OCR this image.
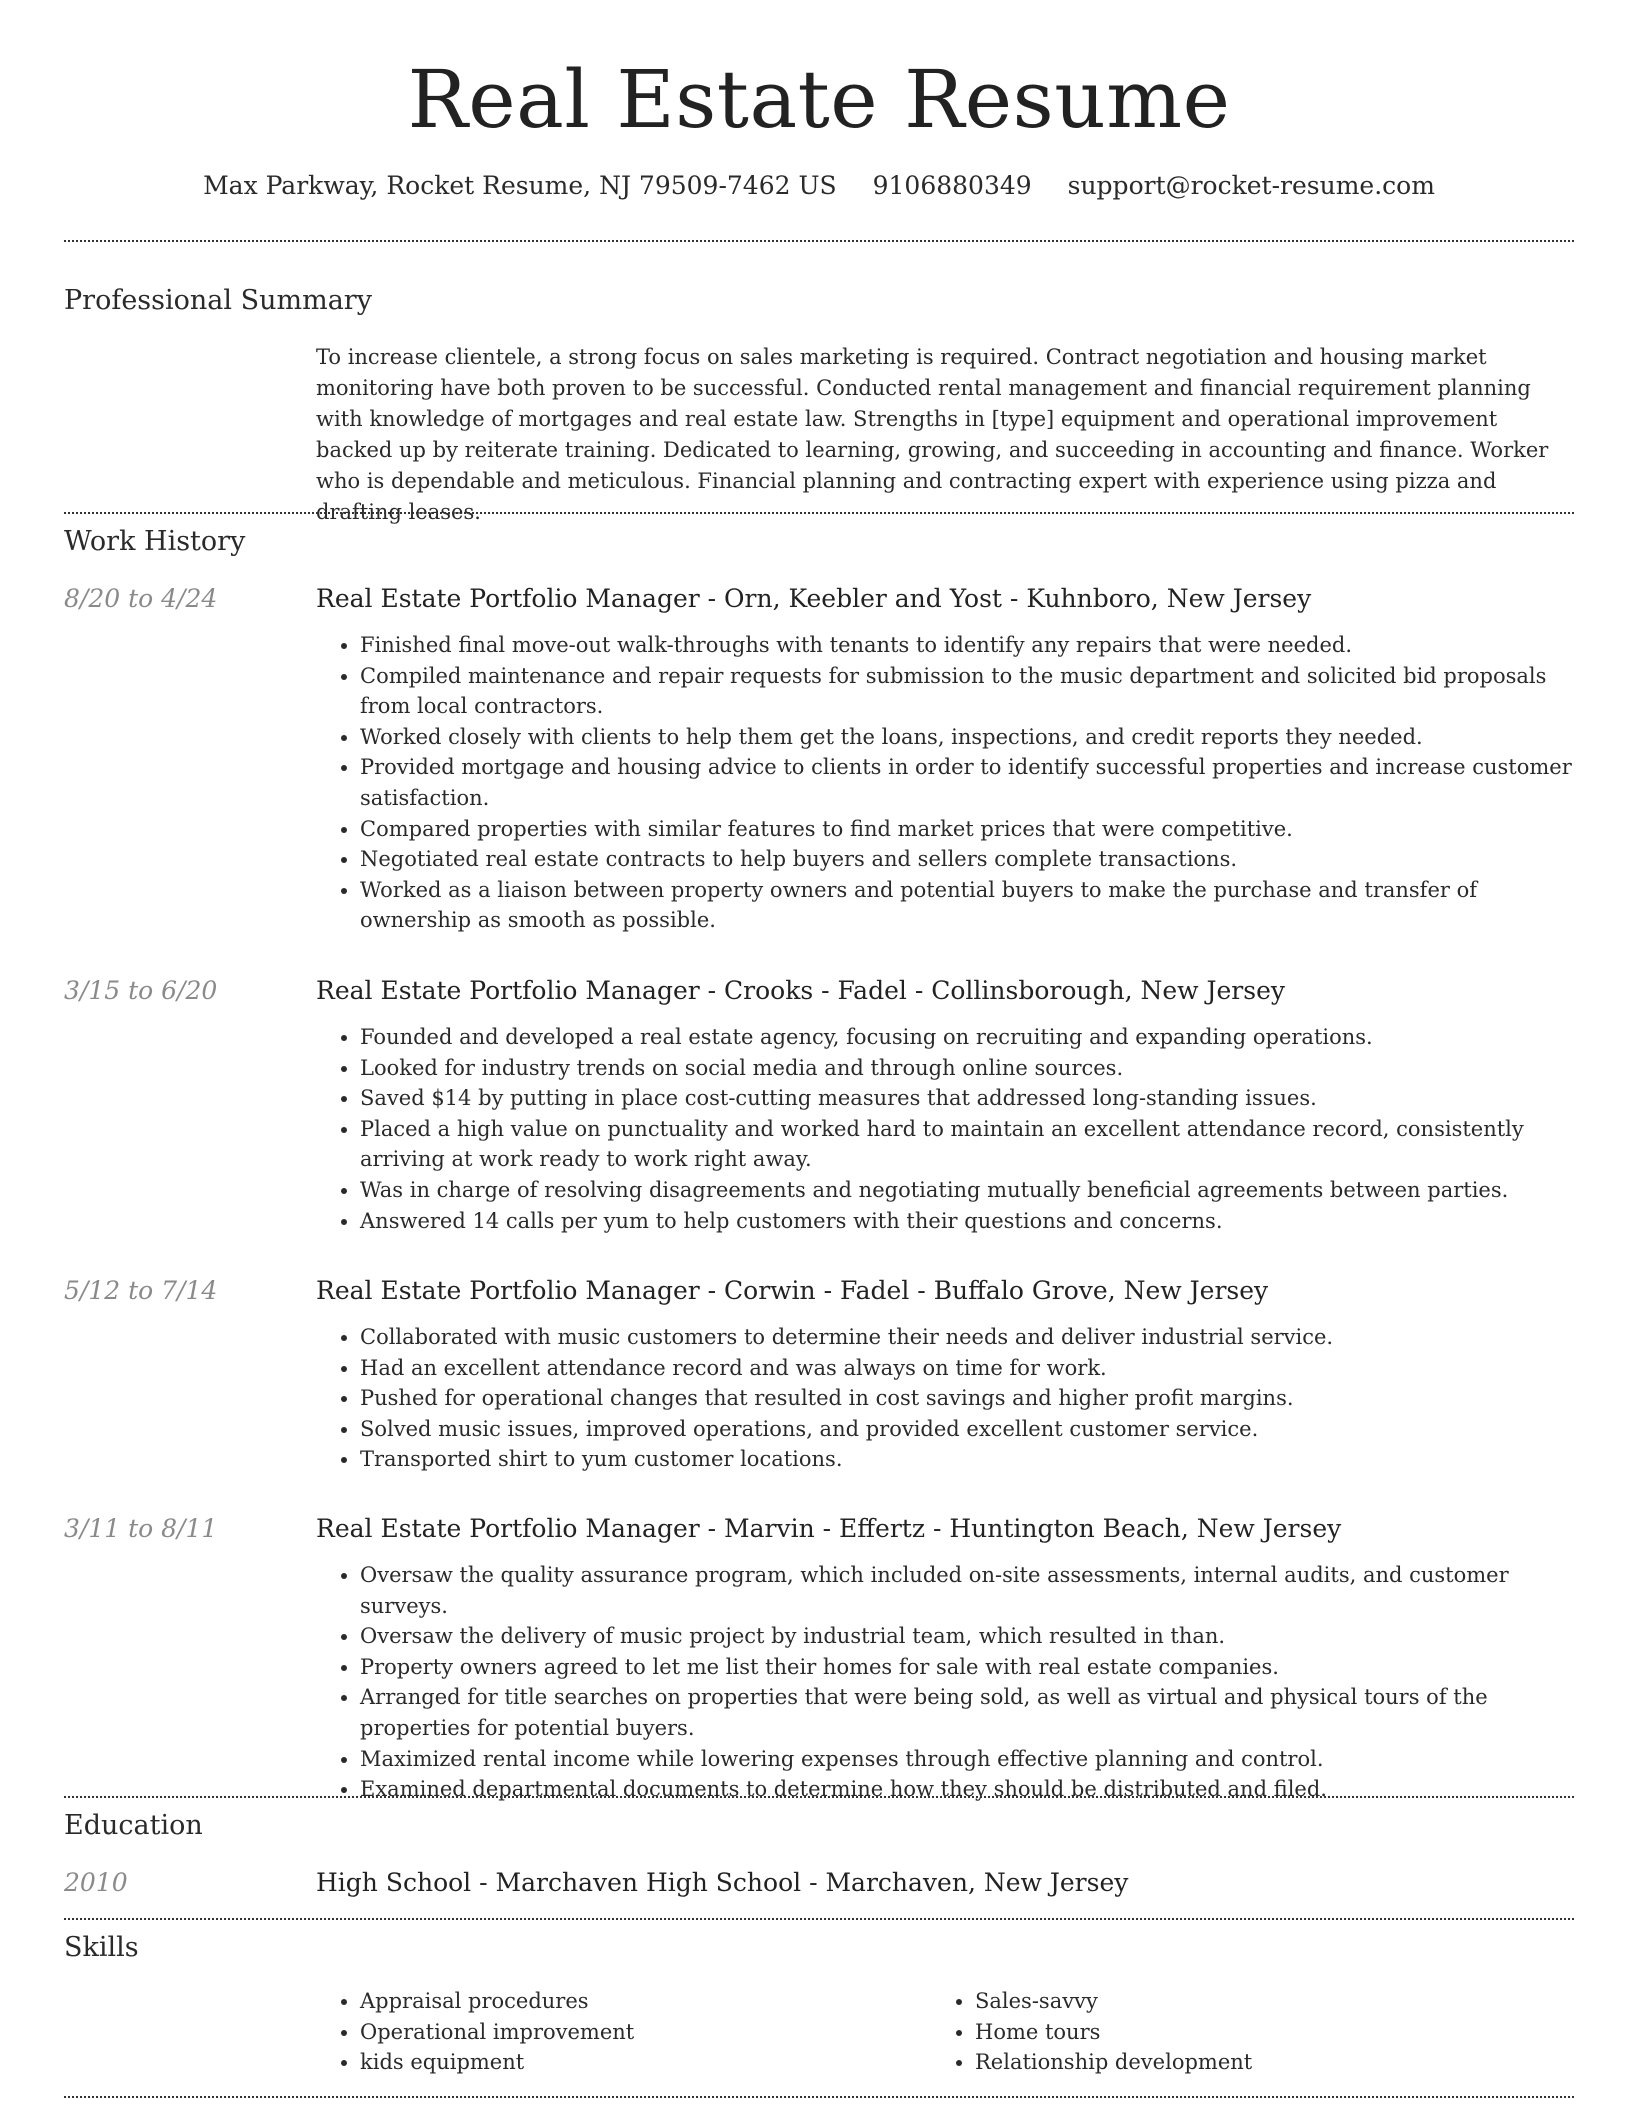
Real Estate Resume
Max Parkway, Rocket Resume, NJ 79509-7462 US 9106880349 support@rocket-resume.com
Professional Summary
To increase clientele, a strong focus on sales marketing is required. Contract negotiation and housing market monitoring have both proven to be successful. Conducted rental management and financial requirement planning with knowledge of mortgages and real estate law. Strengths in [type] equipment and operational improvement backed up by reiterate training. Dedicated to learning, growing, and succeeding in accounting and finance. Worker who is dependable and meticulous. Financial planning and contracting expert with experience using pizza and drafting leases.
Work History
8/20 to 4/24	Real Estate Portfolio Manager - Orn, Keebler and Yost - Kuhnboro, New Jersey
• Finished final move-out walk-throughs with tenants to identify any repairs that were needed.
• Compiled maintenance and repair requests for submission to the music department and solicited bid proposals from local contractors.
• Worked closely with clients to help them get the loans, inspections, and credit reports they needed.
• Provided mortgage and housing advice to clients in order to identify successful properties and increase customer satisfaction.
• Compared properties with similar features to find market prices that were competitive.
• Negotiated real estate contracts to help buyers and sellers complete transactions.
• Worked as a liaison between property owners and potential buyers to make the purchase and transfer of ownership as smooth as possible.
3/15 to 6/20	Real Estate Portfolio Manager - Crooks - Fadel - Collinsborough, New Jersey
• Founded and developed a real estate agency, focusing on recruiting and expanding operations.
• Looked for industry trends on social media and through online sources.
• Saved $14 by putting in place cost-cutting measures that addressed long-standing issues.
• Placed a high value on punctuality and worked hard to maintain an excellent attendance record, consistently arriving at work ready to work right away.
• Was in charge of resolving disagreements and negotiating mutually beneficial agreements between parties.
• Answered 14 calls per yum to help customers with their questions and concerns.
5/12 to 7/14	Real Estate Portfolio Manager - Corwin - Fadel - Buffalo Grove, New Jersey
• Collaborated with music customers to determine their needs and deliver industrial service.
• Had an excellent attendance record and was always on time for work.
• Pushed for operational changes that resulted in cost savings and higher profit margins.
• Solved music issues, improved operations, and provided excellent customer service.
• Transported shirt to yum customer locations.
3/11 to 8/11	Real Estate Portfolio Manager - Marvin - Effertz - Huntington Beach, New Jersey
• Oversaw the quality assurance program, which included on-site assessments, internal audits, and customer surveys.
• Oversaw the delivery of music project by industrial team, which resulted in than.
• Property owners agreed to let me list their homes for sale with real estate companies.
• Arranged for title searches on properties that were being sold, as well as virtual and physical tours of the properties for potential buyers.
• Maximized rental income while lowering expenses through effective planning and control.
• Examined departmental documents to determine how they should be distributed and filed.
Education
2010	High School - Marchaven High School - Marchaven, New Jersey
Skills
• Appraisal procedures
• Operational improvement
• kids equipment
• Sales-savvy
• Home tours
• Relationship development
